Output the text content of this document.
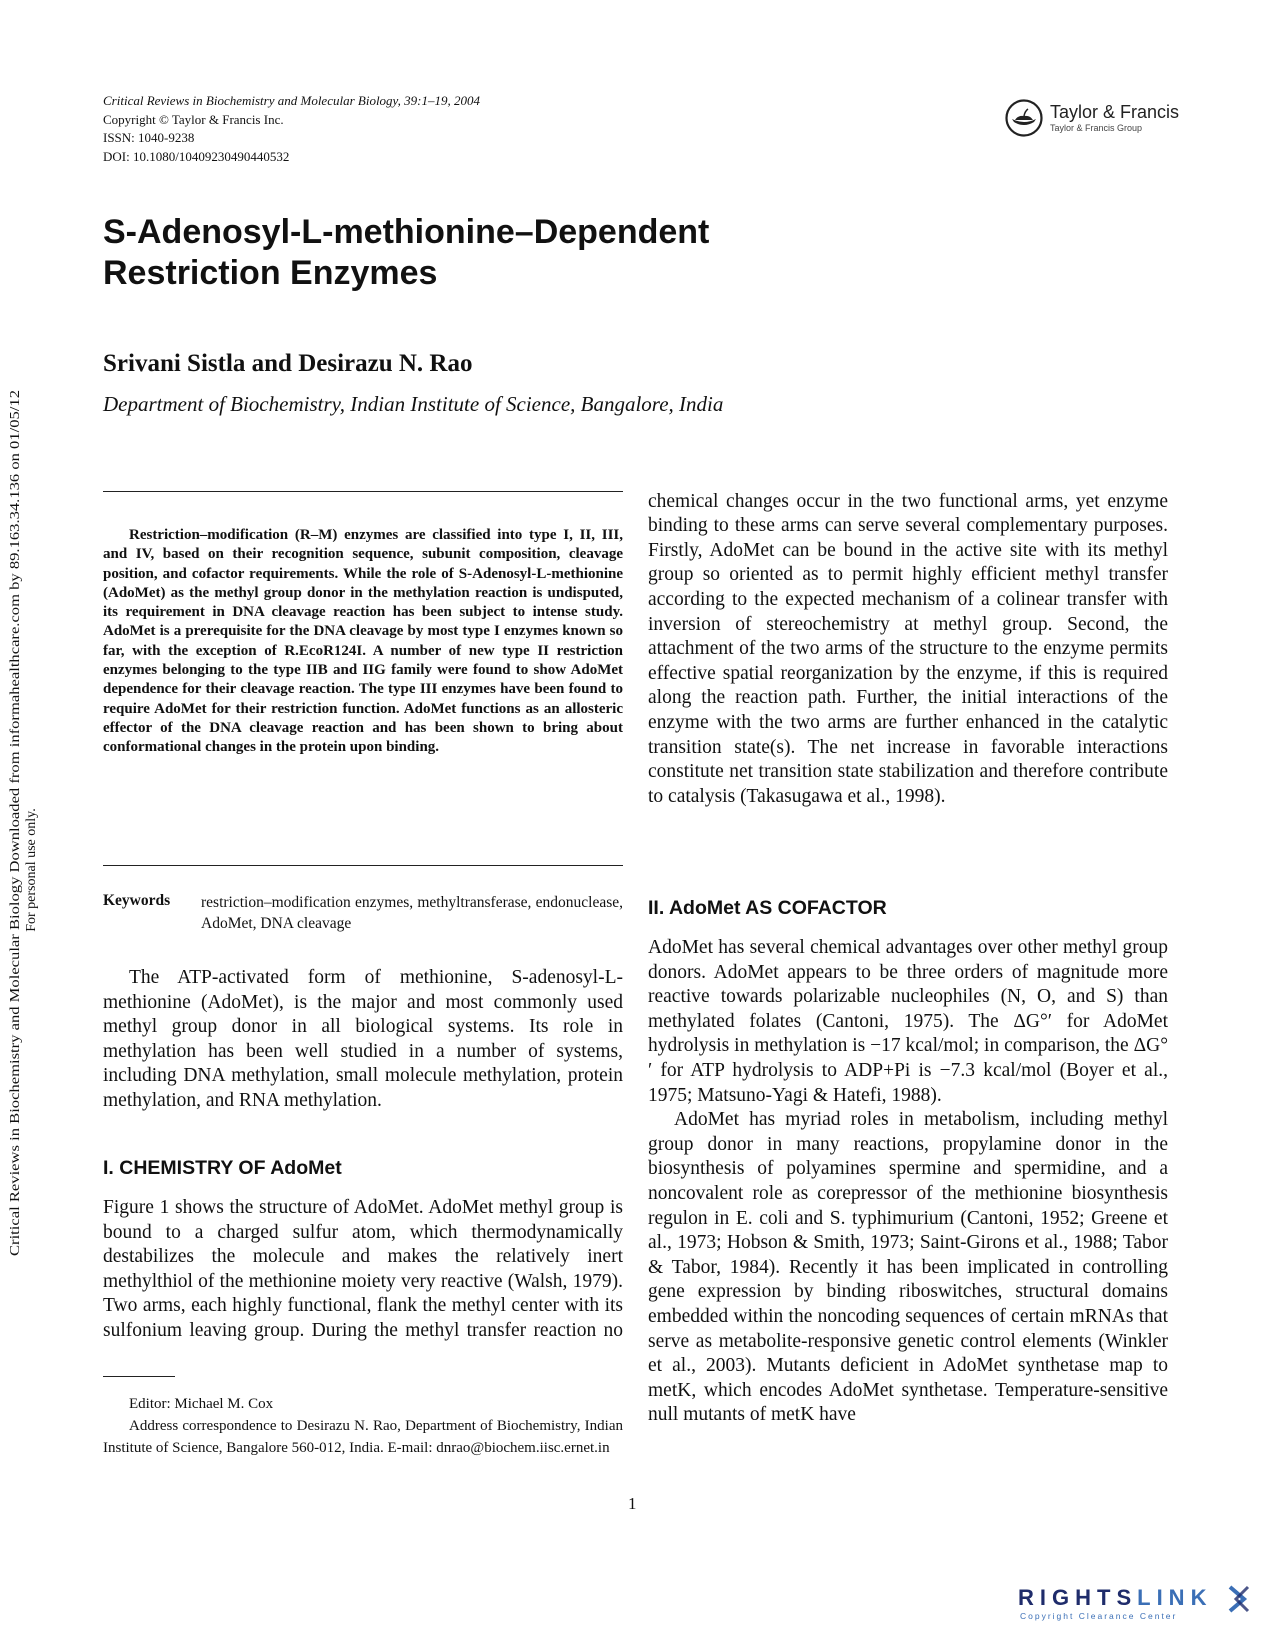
Critical Reviews in Biochemistry and Molecular Biology, 39:1–19, 2004
Copyright © Taylor & Francis Inc.
ISSN: 1040-9238
DOI: 10.1080/10409230490440532
Taylor & Francis
Taylor & Francis Group
S-Adenosyl-L-methionine–Dependent
Restriction Enzymes
Srivani Sistla and Desirazu N. Rao
Department of Biochemistry, Indian Institute of Science, Bangalore, India
Critical Reviews in Biochemistry and Molecular Biology Downloaded from informahealthcare.com by 89.163.34.136 on 01/05/12 For personal use only.

Restriction–modification (R–M) enzymes are classified into type I, II, III, and IV, based on their recognition sequence, subunit composition, cleavage position, and cofactor requirements. While the role of S-Adenosyl-L-methionine (AdoMet) as the methyl group donor in the methylation reaction is undisputed, its requirement in DNA cleavage reaction has been subject to intense study. AdoMet is a prerequisite for the DNA cleavage by most type I enzymes known so far, with the exception of R.EcoR124I. A number of new type II restriction enzymes belonging to the type IIB and IIG family were found to show AdoMet dependence for their cleavage reaction. The type III enzymes have been found to require AdoMet for their restriction function. AdoMet functions as an allosteric effector of the DNA cleavage reaction and has been shown to bring about conformational changes in the protein upon binding.

Keywords restriction–modification enzymes, methyltransferase, endonuclease, AdoMet, DNA cleavage

The ATP-activated form of methionine, S-adenosyl-L-methionine (AdoMet), is the major and most commonly used methyl group donor in all biological systems. Its role in methylation has been well studied in a number of systems, including DNA methylation, small molecule methylation, protein methylation, and RNA methylation.

I. CHEMISTRY OF AdoMet
II. AdoMet AS COFACTOR

Figure 1 shows the structure of AdoMet. AdoMet methyl group is bound to a charged sulfur atom, which thermodynamically destabilizes the molecule and makes the relatively inert methylthiol of the methionine moiety very reactive (Walsh, 1979). Two arms, each highly functional, flank the methyl center with its sulfonium leaving group. During the methyl transfer reaction no

chemical changes occur in the two functional arms, yet enzyme binding to these arms can serve several complementary purposes. Firstly, AdoMet can be bound in the active site with its methyl group so oriented as to permit highly efficient methyl transfer according to the expected mechanism of a colinear transfer with inversion of stereochemistry at methyl group. Second, the attachment of the two arms of the structure to the enzyme permits effective spatial reorganization by the enzyme, if this is required along the reaction path. Further, the initial interactions of the enzyme with the two arms are further enhanced in the catalytic transition state(s). The net increase in favorable interactions constitute net transition state stabilization and therefore contribute to catalysis (Takasugawa et al., 1998).

AdoMet has several chemical advantages over other methyl group donors. AdoMet appears to be three orders of magnitude more reactive towards polarizable nucleophiles (N, O, and S) than methylated folates (Cantoni, 1975). The ΔG°′ for AdoMet hydrolysis in methylation is −17 kcal/mol; in comparison, the ΔG°′ for ATP hydrolysis to ADP+Pi is −7.3 kcal/mol (Boyer et al., 1975; Matsuno-Yagi & Hatefi, 1988).

AdoMet has myriad roles in metabolism, including methyl group donor in many reactions, propylamine donor in the biosynthesis of polyamines spermine and spermidine, and a noncovalent role as corepressor of the methionine biosynthesis regulon in E. coli and S. typhimurium (Cantoni, 1952; Greene et al., 1973; Hobson & Smith, 1973; Saint-Girons et al., 1988; Tabor & Tabor, 1984). Recently it has been implicated in controlling gene expression by binding riboswitches, structural domains embedded within the noncoding sequences of certain mRNAs that serve as metabolite-responsive genetic control elements (Winkler et al., 2003). Mutants deficient in AdoMet synthetase map to metK, which encodes AdoMet synthetase. Temperature-sensitive null mutants of metK have

Editor: Michael M. Cox

Address correspondence to Desirazu N. Rao, Department of Biochemistry, Indian Institute of Science, Bangalore 560-012, India. E-mail: dnrao@biochem.iisc.ernet.in

1
RIGHTSLINK
Copyright Clearance Center
